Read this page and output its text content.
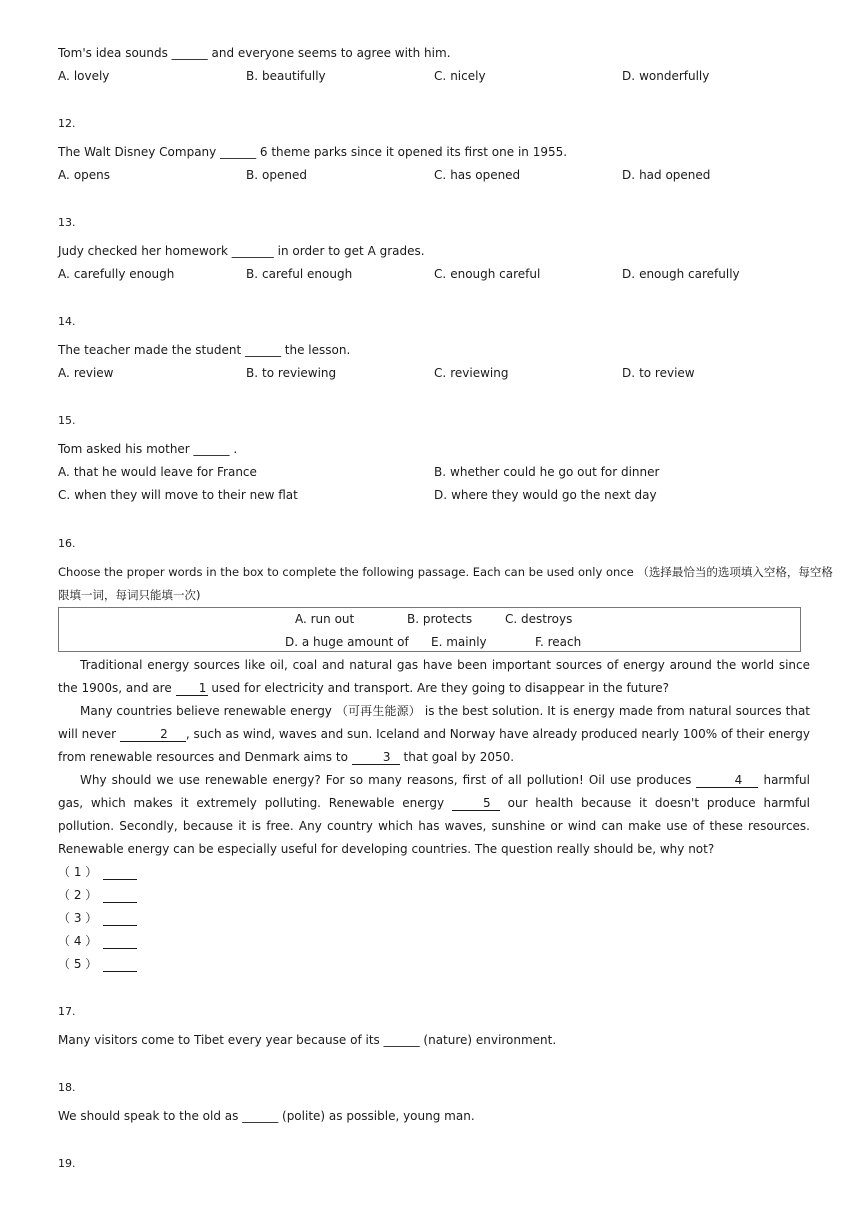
Tom's idea sounds ______ and everyone seems to agree with him.
A. lovely	B. beautifully	C. nicely	D. wonderfully
12.
The Walt Disney Company ______ 6 theme parks since it opened its first one in 1955.
A. opens	B. opened	C. has opened	D. had opened
13.
Judy checked her homework _______ in order to get A grades.
A. carefully enough	B. careful enough	C. enough careful	D. enough carefully
14.
The teacher made the student ______ the lesson.
A. review	B. to reviewing	C. reviewing	D. to review
15.
Tom asked his mother ______ .
A. that he would leave for France	B. whether could he go out for dinner
C. when they will move to their new flat	D. where they would go the next day
16.
Choose the proper words in the box to complete the following passage. Each can be used only once （选择最恰当的选项填入空格，每空格
限填一词，每词只能填一次)
A. run out	B. protects	C. destroys
D. a huge amount of E. mainly	F. reach

Traditional energy sources like oil, coal and natural gas have been important sources of energy around the world since the 1900s, and are 1 used for electricity and transport. Are they going to disappear in the future?

Many countries believe renewable energy （可再生能源） is the best solution. It is energy made from natural sources that will never	2 , such as wind, waves and sun. Iceland and Norway have already produced nearly 100% of their energy from renewable resources and Denmark aims to	3 that goal by 2050.

Why should we use renewable energy? For so many reasons, first of all pollution! Oil use produces	4 harmful gas, which makes it extremely polluting. Renewable energy	5 our health because it doesn't produce harmful pollution. Secondly, because it is free. Any country which has waves, sunshine or wind can make use of these resources. Renewable energy can be especially useful for developing countries. The question really should be, why not?

（ 1 ）
（ 2 ）
（ 3 ）
（ 4 ）
（ 5 ）
17.
Many visitors come to Tibet every year because of its ______ (nature) environment.
18.
We should speak to the old as ______ (polite) as possible, young man.
19.
